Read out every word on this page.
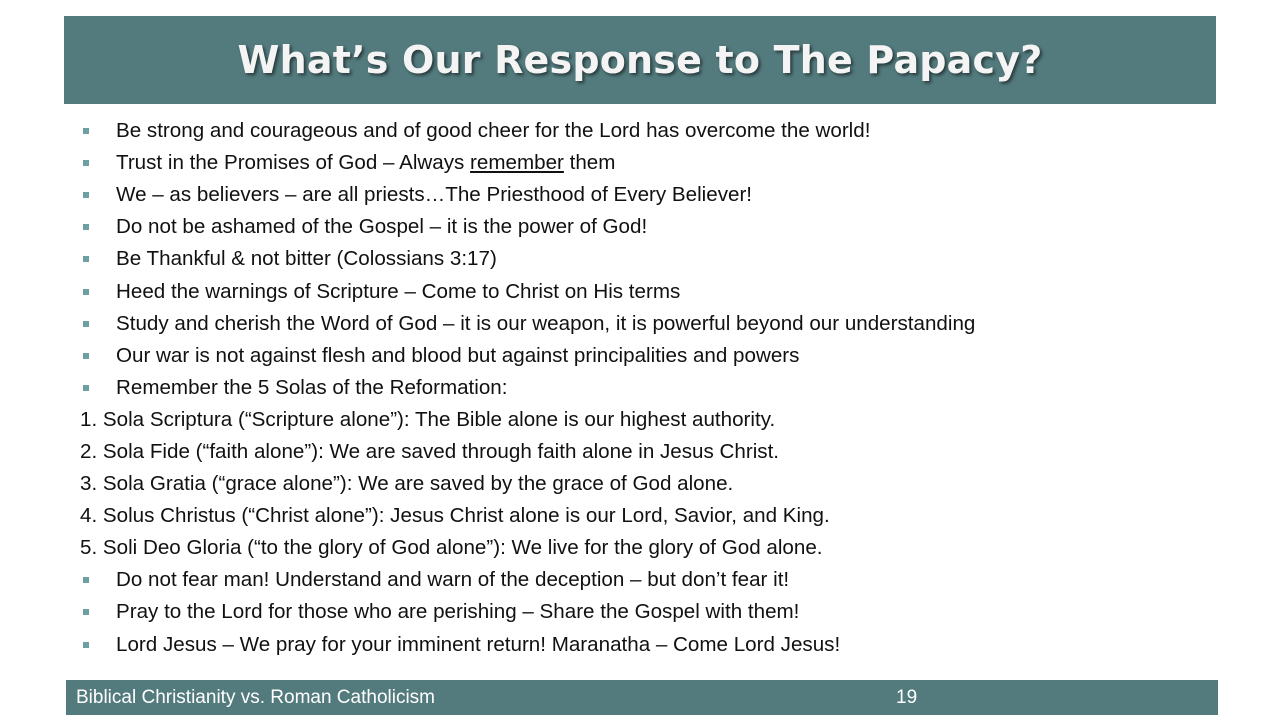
What’s Our Response to The Papacy?
Be strong and courageous and of good cheer for the Lord has overcome the world!
Trust in the Promises of God – Always remember them
We – as believers – are all priests…The Priesthood of Every Believer!
Do not be ashamed of the Gospel – it is the power of God!
Be Thankful & not bitter (Colossians 3:17)
Heed the warnings of Scripture – Come to Christ on His terms
Study and cherish the Word of God – it is our weapon, it is powerful beyond our understanding
Our war is not against flesh and blood but against principalities and powers
Remember the 5 Solas of the Reformation:
1. Sola Scriptura (“Scripture alone”): The Bible alone is our highest authority.
2. Sola Fide (“faith alone”): We are saved through faith alone in Jesus Christ.
3. Sola Gratia (“grace alone”): We are saved by the grace of God alone.
4. Solus Christus (“Christ alone”): Jesus Christ alone is our Lord, Savior, and King.
5. Soli Deo Gloria (“to the glory of God alone”): We live for the glory of God alone.
Do not fear man! Understand and warn of the deception – but don’t fear it!
Pray to the Lord for those who are perishing – Share the Gospel with them!
Lord Jesus – We pray for your imminent return! Maranatha – Come Lord Jesus!
Biblical Christianity vs. Roman Catholicism	19
